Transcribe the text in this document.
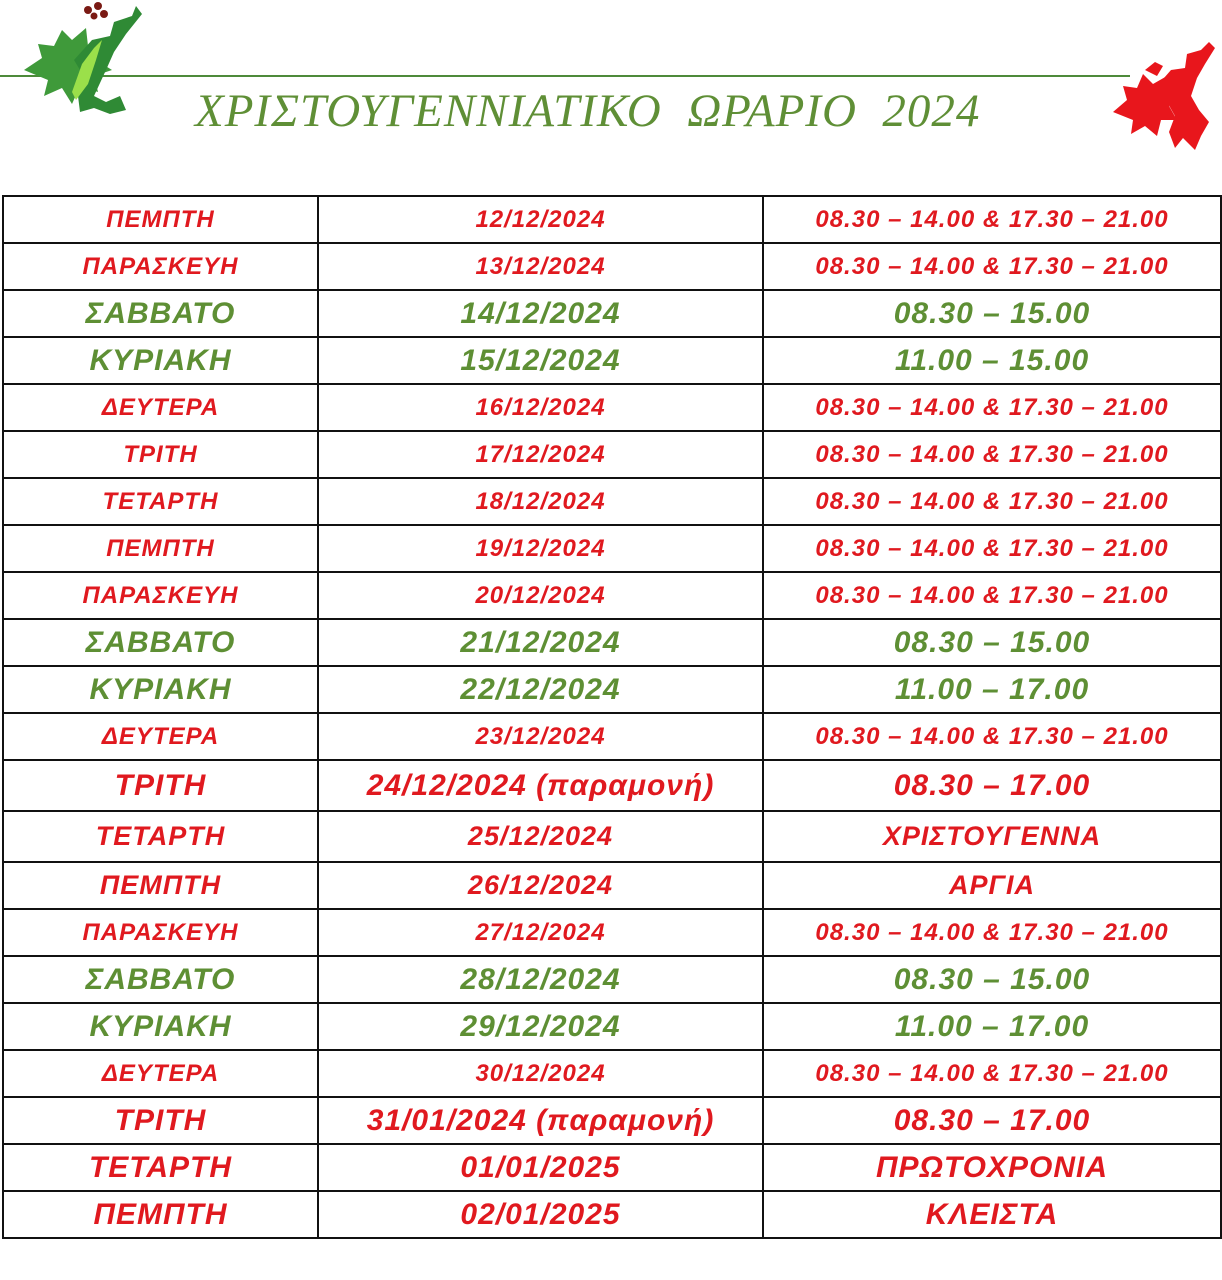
ΧΡΙΣΤΟΥΓΕΝΝΙΑΤΙΚΟ  ΩΡΑΡΙΟ  2024
ΠΕΜΠΤΗ	12/12/2024	08.30 – 14.00 & 17.30 – 21.00
ΠΑΡΑΣΚΕΥΗ	13/12/2024	08.30 – 14.00 & 17.30 – 21.00
ΣΑΒΒΑΤΟ	14/12/2024	08.30 – 15.00
ΚΥΡΙΑΚΗ	15/12/2024	11.00 – 15.00
ΔΕΥΤΕΡΑ	16/12/2024	08.30 – 14.00 & 17.30 – 21.00
ΤΡΙΤΗ	17/12/2024	08.30 – 14.00 & 17.30 – 21.00
ΤΕΤΑΡΤΗ	18/12/2024	08.30 – 14.00 & 17.30 – 21.00
ΠΕΜΠΤΗ	19/12/2024	08.30 – 14.00 & 17.30 – 21.00
ΠΑΡΑΣΚΕΥΗ	20/12/2024	08.30 – 14.00 & 17.30 – 21.00
ΣΑΒΒΑΤΟ	21/12/2024	08.30 – 15.00
ΚΥΡΙΑΚΗ	22/12/2024	11.00 – 17.00
ΔΕΥΤΕΡΑ	23/12/2024	08.30 – 14.00 & 17.30 – 21.00
ΤΡΙΤΗ	24/12/2024 (παραμονή)	08.30 – 17.00
ΤΕΤΑΡΤΗ	25/12/2024	ΧΡΙΣΤΟΥΓΕΝΝΑ
ΠΕΜΠΤΗ	26/12/2024	ΑΡΓΙΑ
ΠΑΡΑΣΚΕΥΗ	27/12/2024	08.30 – 14.00 & 17.30 – 21.00
ΣΑΒΒΑΤΟ	28/12/2024	08.30 – 15.00
ΚΥΡΙΑΚΗ	29/12/2024	11.00 – 17.00
ΔΕΥΤΕΡΑ	30/12/2024	08.30 – 14.00 & 17.30 – 21.00
ΤΡΙΤΗ	31/01/2024 (παραμονή)	08.30 – 17.00
ΤΕΤΑΡΤΗ	01/01/2025	ΠΡΩΤΟΧΡΟΝΙΑ
ΠΕΜΠΤΗ	02/01/2025	ΚΛΕΙΣΤΑ
